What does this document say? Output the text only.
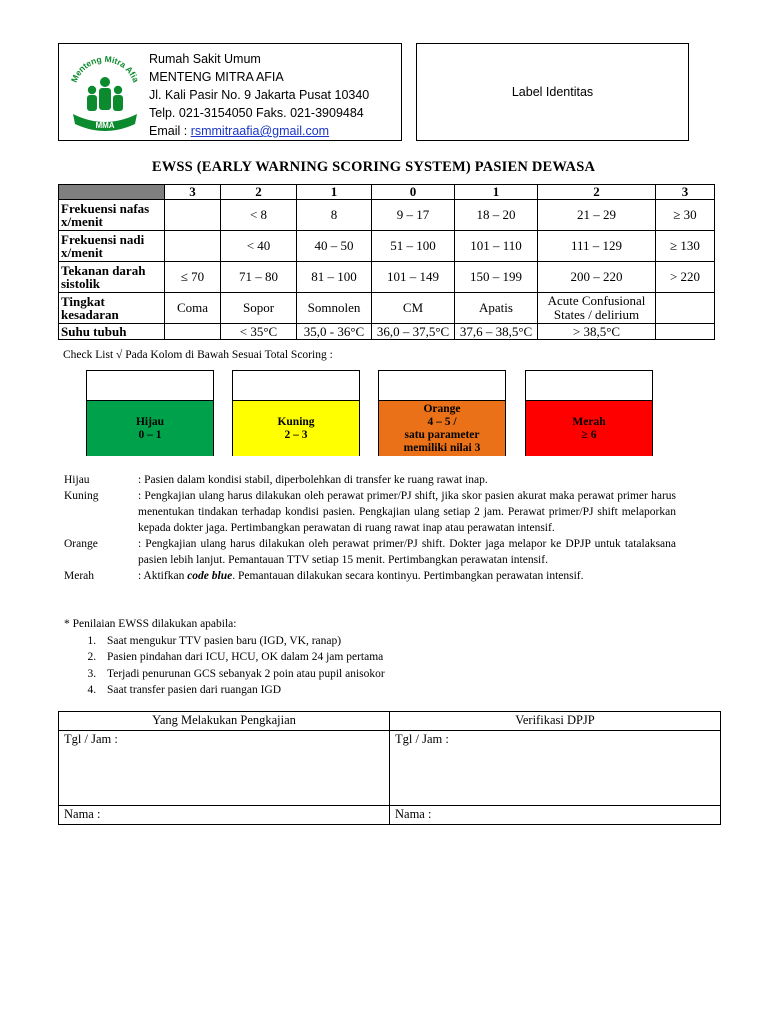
Menteng Mitra Afia
MMA
Rumah Sakit Umum
MENTENG MITRA AFIA
Jl. Kali Pasir No. 9 Jakarta Pusat 10340
Telp. 021-3154050 Faks. 021-3909484
Email : rsmmitraafia@gmail.com
Label Identitas
EWSS (EARLY WARNING SCORING SYSTEM) PASIEN DEWASA
	3	2	1	0	1	2	3
Frekuensi nafas x/menit		< 8	8	9 – 17	18 – 20	21 – 29	≥ 30
Frekuensi nadi x/menit		< 40	40 – 50	51 – 100	101 – 110	111 – 129	≥ 130
Tekanan darah sistolik	≤ 70	71 – 80	81 – 100	101 – 149	150 – 199	200 – 220	> 220
Tingkat kesadaran	Coma	Sopor	Somnolen	CM	Apatis	Acute Confusional States / delirium	
Suhu tubuh		< 35°C	35,0 - 36°C	36,0 – 37,5°C	37,6 – 38,5°C	> 38,5°C	
Check List √ Pada Kolom di Bawah Sesuai Total Scoring :
Hijau
0 – 1
Kuning
2 – 3
Orange
4 – 5 /
satu parameter
memiliki nilai 3
Merah
≥ 6
Hijau	: Pasien dalam kondisi stabil, diperbolehkan di transfer ke ruang rawat inap.
Kuning	: Pengkajian ulang harus dilakukan oleh perawat primer/PJ shift, jika skor pasien akurat maka perawat primer harus menentukan tindakan terhadap kondisi pasien. Pengkajian ulang setiap 2 jam. Perawat primer/PJ shift melaporkan kepada dokter jaga. Pertimbangkan perawatan di ruang rawat inap atau perawatan intensif.
Orange	: Pengkajian ulang harus dilakukan oleh perawat primer/PJ shift. Dokter jaga melapor ke DPJP untuk tatalaksana pasien lebih lanjut. Pemantauan TTV setiap 15 menit. Pertimbangkan perawatan intensif.
Merah	: Aktifkan code blue. Pemantauan dilakukan secara kontinyu. Pertimbangkan perawatan intensif.
* Penilaian EWSS dilakukan apabila:
1. Saat mengukur TTV pasien baru (IGD, VK, ranap)
2. Pasien pindahan dari ICU, HCU, OK dalam 24 jam pertama
3. Terjadi penurunan GCS sebanyak 2 poin atau pupil anisokor
4. Saat transfer pasien dari ruangan IGD
Yang Melakukan Pengkajian	Verifikasi DPJP
Tgl / Jam :	Tgl / Jam :
Nama :	Nama :
